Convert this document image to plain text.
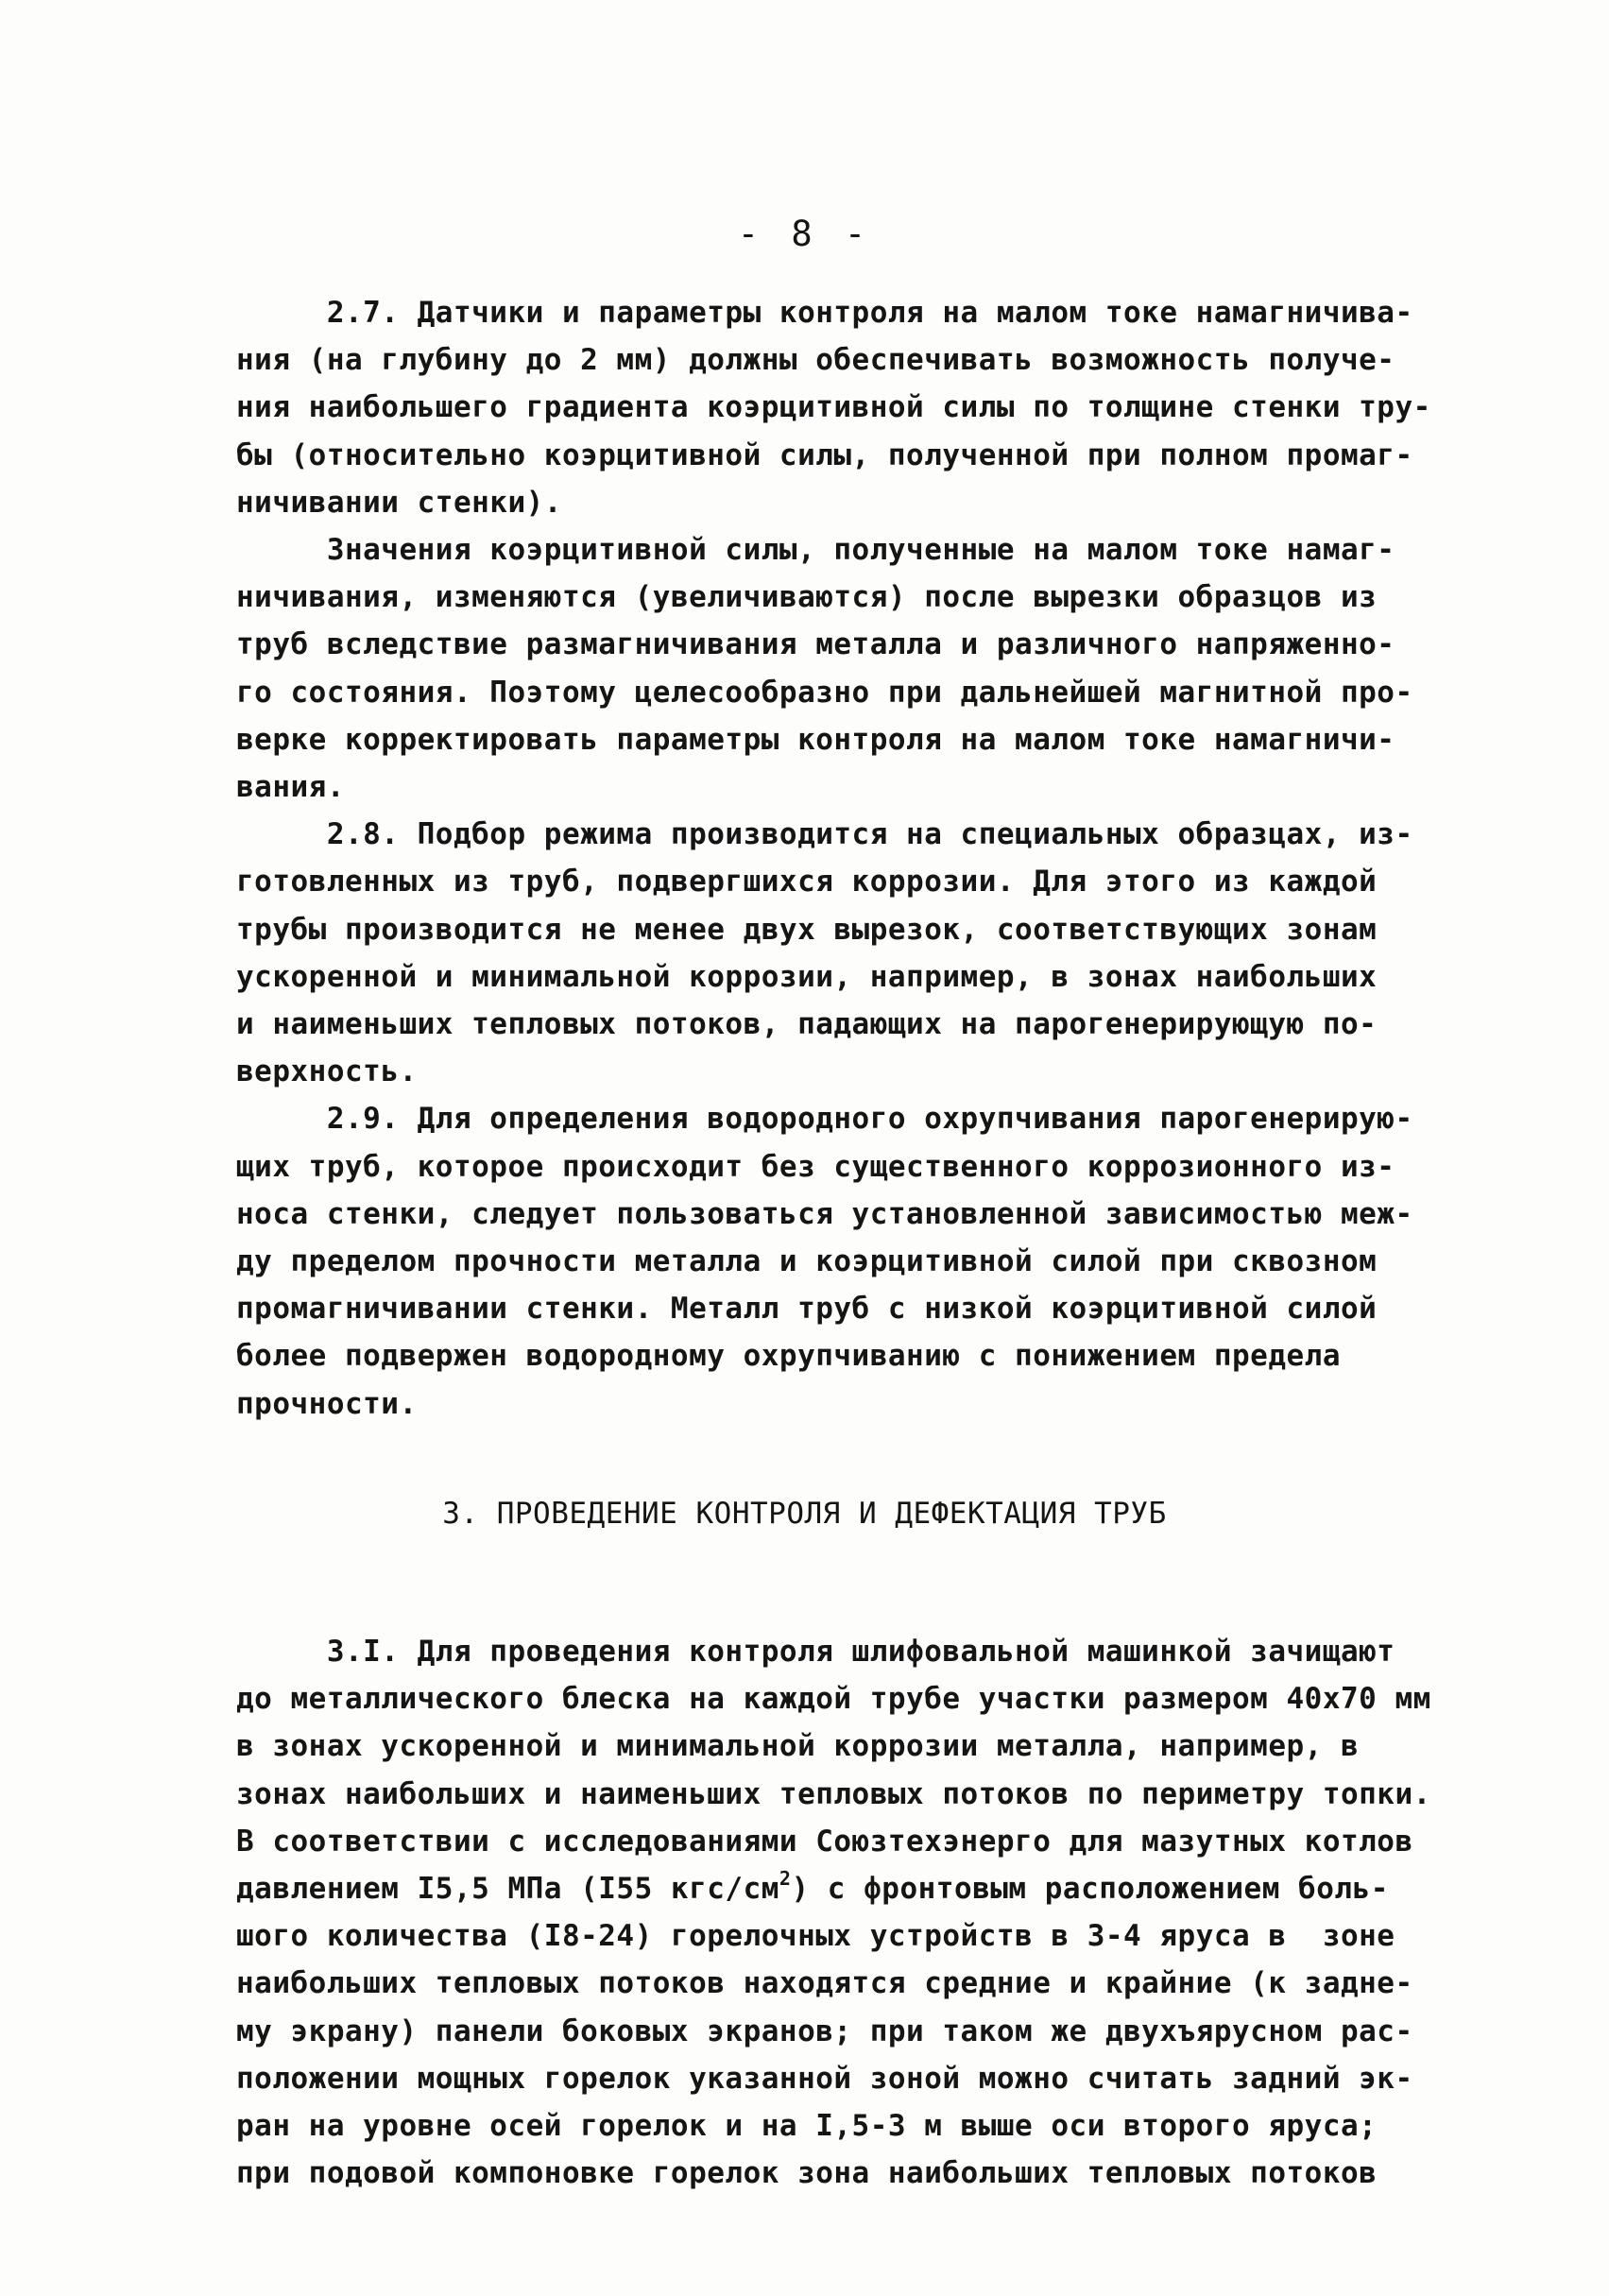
- 8 -
2.7. Датчики и параметры контроля на малом токе намагничива-
ния (на глубину до 2 мм) должны обеспечивать возможность получе-
ния наибольшего градиента коэрцитивной силы по толщине стенки тру-
бы (относительно коэрцитивной силы, полученной при полном промаг-
ничивании стенки).
Значения коэрцитивной силы, полученные на малом токе намаг-
ничивания, изменяются (увеличиваются) после вырезки образцов из
труб вследствие размагничивания металла и различного напряженно-
го состояния. Поэтому целесообразно при дальнейшей магнитной про-
верке корректировать параметры контроля на малом токе намагничи-
вания.
2.8. Подбор режима производится на специальных образцах, из-
готовленных из труб, подвергшихся коррозии. Для этого из каждой
трубы производится не менее двух вырезок, соответствующих зонам
ускоренной и минимальной коррозии, например, в зонах наибольших
и наименьших тепловых потоков, падающих на парогенерирующую по-
верхность.
2.9. Для определения водородного охрупчивания парогенерирую-
щих труб, которое происходит без существенного коррозионного из-
носа стенки, следует пользоваться установленной зависимостью меж-
ду пределом прочности металла и коэрцитивной силой при сквозном
промагничивании стенки. Металл труб с низкой коэрцитивной силой
более подвержен водородному охрупчиванию с понижением предела
прочности.
3. ПРОВЕДЕНИЕ КОНТРОЛЯ И ДЕФЕКТАЦИЯ ТРУБ
3.I. Для проведения контроля шлифовальной машинкой зачищают
до металлического блеска на каждой трубе участки размером 40х70 мм
в зонах ускоренной и минимальной коррозии металла, например, в
зонах наибольших и наименьших тепловых потоков по периметру топки.
В соответствии с исследованиями Союзтехэнерго для мазутных котлов
давлением I5,5 МПа (I55 кгс/$см^2$) с фронтовым расположением боль-
шого количества (I8-24) горелочных устройств в 3-4 яруса в  зоне
наибольших тепловых потоков находятся средние и крайние (к задне-
му экрану) панели боковых экранов; при таком же двухъярусном рас-
положении мощных горелок указанной зоной можно считать задний эк-
ран на уровне осей горелок и на I,5-3 м выше оси второго яруса;
при подовой компоновке горелок зона наибольших тепловых потоков
